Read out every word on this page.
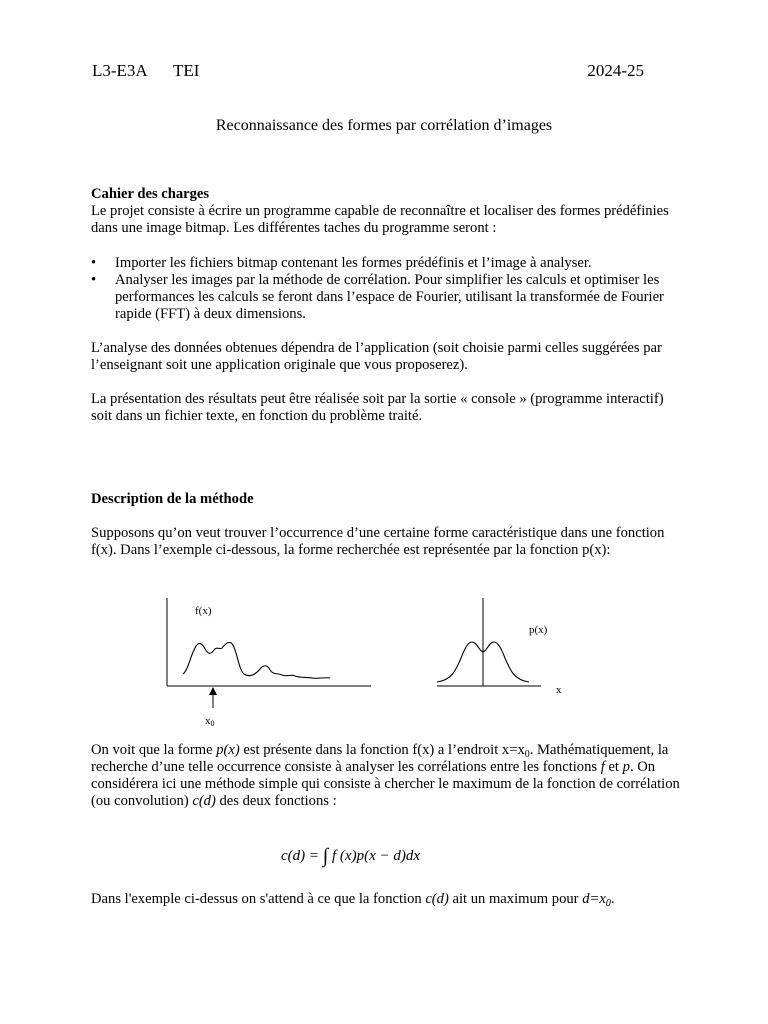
L3-E3A TEI	2024-25
Reconnaissance des formes par corrélation d’images
Cahier des charges
Le projet consiste à écrire un programme capable de reconnaître et localiser des formes prédéfinies dans une image bitmap. Les différentes taches du programme seront :
• Importer les fichiers bitmap contenant les formes prédéfinis et l’image à analyser.
• Analyser les images par la méthode de corrélation. Pour simplifier les calculs et optimiser les performances les calculs se feront dans l’espace de Fourier, utilisant la transformée de Fourier rapide (FFT) à deux dimensions.
L’analyse des données obtenues dépendra de l’application (soit choisie parmi celles suggérées par l’enseignant soit une application originale que vous proposerez).
La présentation des résultats peut être réalisée soit par la sortie « console » (programme interactif) soit dans un fichier texte, en fonction du problème traité.
Description de la méthode
Supposons qu’on veut trouver l’occurrence d’une certaine forme caractéristique dans une fonction f(x). Dans l’exemple ci-dessous, la forme recherchée est représentée par la fonction p(x):
f(x)
x0
p(x)
x
On voit que la forme p(x) est présente dans la fonction f(x) a l’endroit $x=x_0$. Mathématiquement, la recherche d’une telle occurrence consiste à analyser les corrélations entre les fonctions f et p. On considérera ici une méthode simple qui consiste à chercher le maximum de la fonction de corrélation (ou convolution) c(d) des deux fonctions :
c(d) = ∫ f (x)p(x − d)dx
Dans l'exemple ci-dessus on s'attend à ce que la fonction c(d) ait un maximum pour $d=x_0$.
